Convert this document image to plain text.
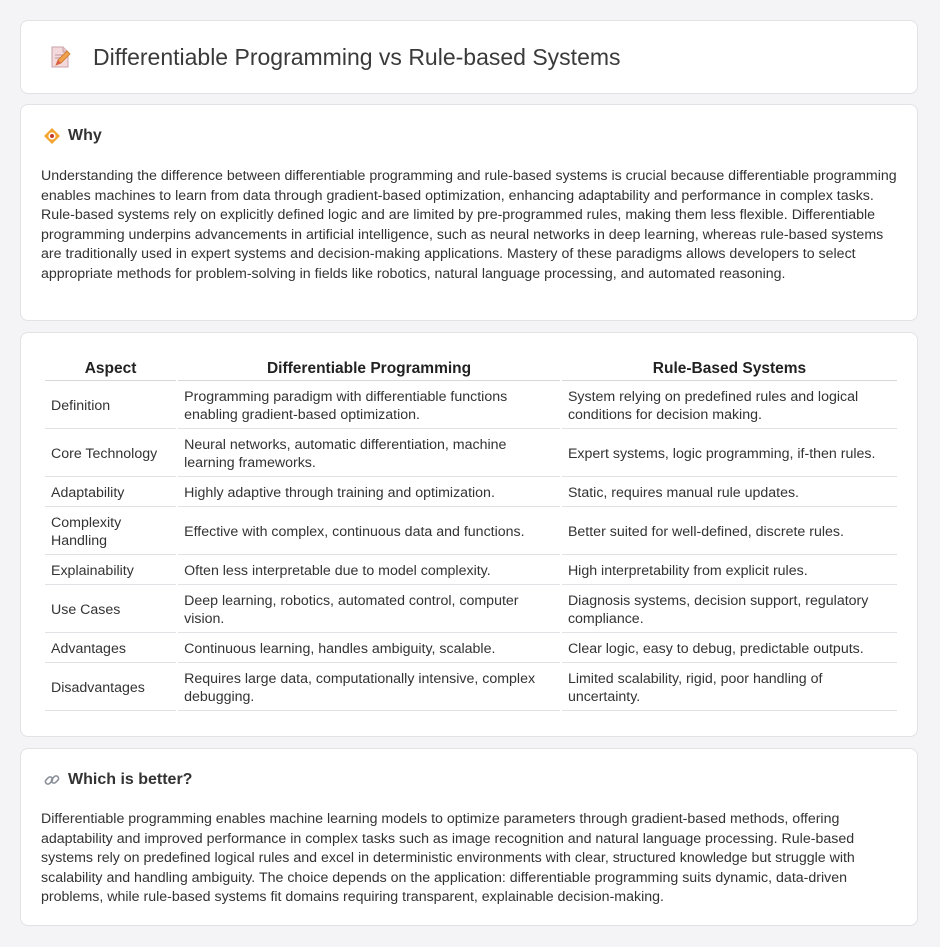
Differentiable Programming vs Rule-based Systems
Why

Understanding the difference between differentiable programming and rule-based systems is crucial because differentiable programming enables machines to learn from data through gradient-based optimization, enhancing adaptability and performance in complex tasks. Rule-based systems rely on explicitly defined logic and are limited by pre-programmed rules, making them less flexible. Differentiable programming underpins advancements in artificial intelligence, such as neural networks in deep learning, whereas rule-based systems are traditionally used in expert systems and decision-making applications. Mastery of these paradigms allows developers to select appropriate methods for problem-solving in fields like robotics, natural language processing, and automated reasoning.

Aspect	Differentiable Programming	Rule-Based Systems
Definition	Programming paradigm with differentiable functions enabling gradient-based optimization.	System relying on predefined rules and logical conditions for decision making.
Core Technology	Neural networks, automatic differentiation, machine learning frameworks.	Expert systems, logic programming, if-then rules.
Adaptability	Highly adaptive through training and optimization.	Static, requires manual rule updates.
Complexity Handling	Effective with complex, continuous data and functions.	Better suited for well-defined, discrete rules.
Explainability	Often less interpretable due to model complexity.	High interpretability from explicit rules.
Use Cases	Deep learning, robotics, automated control, computer vision.	Diagnosis systems, decision support, regulatory compliance.
Advantages	Continuous learning, handles ambiguity, scalable.	Clear logic, easy to debug, predictable outputs.
Disadvantages	Requires large data, computationally intensive, complex debugging.	Limited scalability, rigid, poor handling of uncertainty.
Which is better?

Differentiable programming enables machine learning models to optimize parameters through gradient-based methods, offering adaptability and improved performance in complex tasks such as image recognition and natural language processing. Rule-based systems rely on predefined logical rules and excel in deterministic environments with clear, structured knowledge but struggle with scalability and handling ambiguity. The choice depends on the application: differentiable programming suits dynamic, data-driven problems, while rule-based systems fit domains requiring transparent, explainable decision-making.
